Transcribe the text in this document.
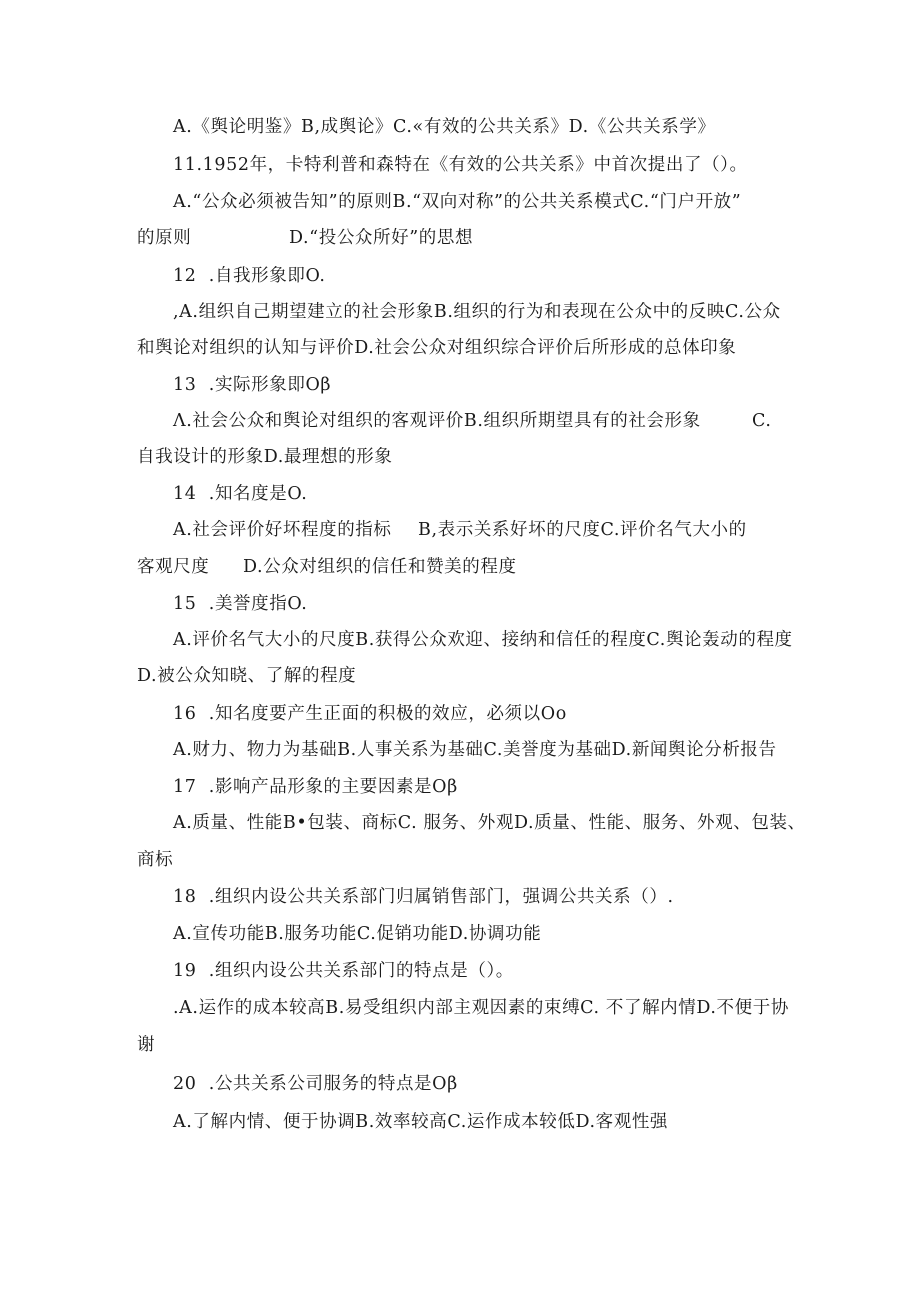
A.《舆论明鉴》B,成舆论》C.«有效的公共关系》D.《公共关系学》
11.1952年，卡特利普和森特在《有效的公共关系》中首次提出了（）。
A.“公众必须被告知”的原则B.“双向对称”的公共关系模式C.“门户开放”
的原则	D.“投公众所好”的思想
12  .自我形象即O.
,A.组织自己期望建立的社会形象B.组织的行为和表现在公众中的反映C.公众
和舆论对组织的认知与评价D.社会公众对组织综合评价后所形成的总体印象
13  .实际形象即Oβ
Λ.社会公众和舆论对组织的客观评价B.组织所期望具有的社会形象	C.
自我设计的形象D.最理想的形象
14  .知名度是O.
A.社会评价好坏程度的指标 B,表示关系好坏的尺度C.评价名气大小的
客观尺度 D.公众对组织的信任和赞美的程度
15  .美誉度指O.
A.评价名气大小的尺度B.获得公众欢迎、接纳和信任的程度C.舆论轰动的程度
D.被公众知晓、了解的程度
16  .知名度要产生正面的积极的效应，必须以Oo
A.财力、物力为基础B.人事关系为基础C.美誉度为基础D.新闻舆论分析报告
17  .影响产品形象的主要因素是Oβ
A.质量、性能B•包装、商标C. 服务、外观D.质量、性能、服务、外观、包装、
商标
18  .组织内设公共关系部门归属销售部门，强调公共关系（）.
A.宣传功能B.服务功能C.促销功能D.协调功能
19  .组织内设公共关系部门的特点是（）。
.A.运作的成本较高B.易受组织内部主观因素的束缚C. 不了解内情D.不便于协
谢
20  .公共关系公司服务的特点是Oβ
A.了解内情、便于协调B.效率较高C.运作成本较低D.客观性强
